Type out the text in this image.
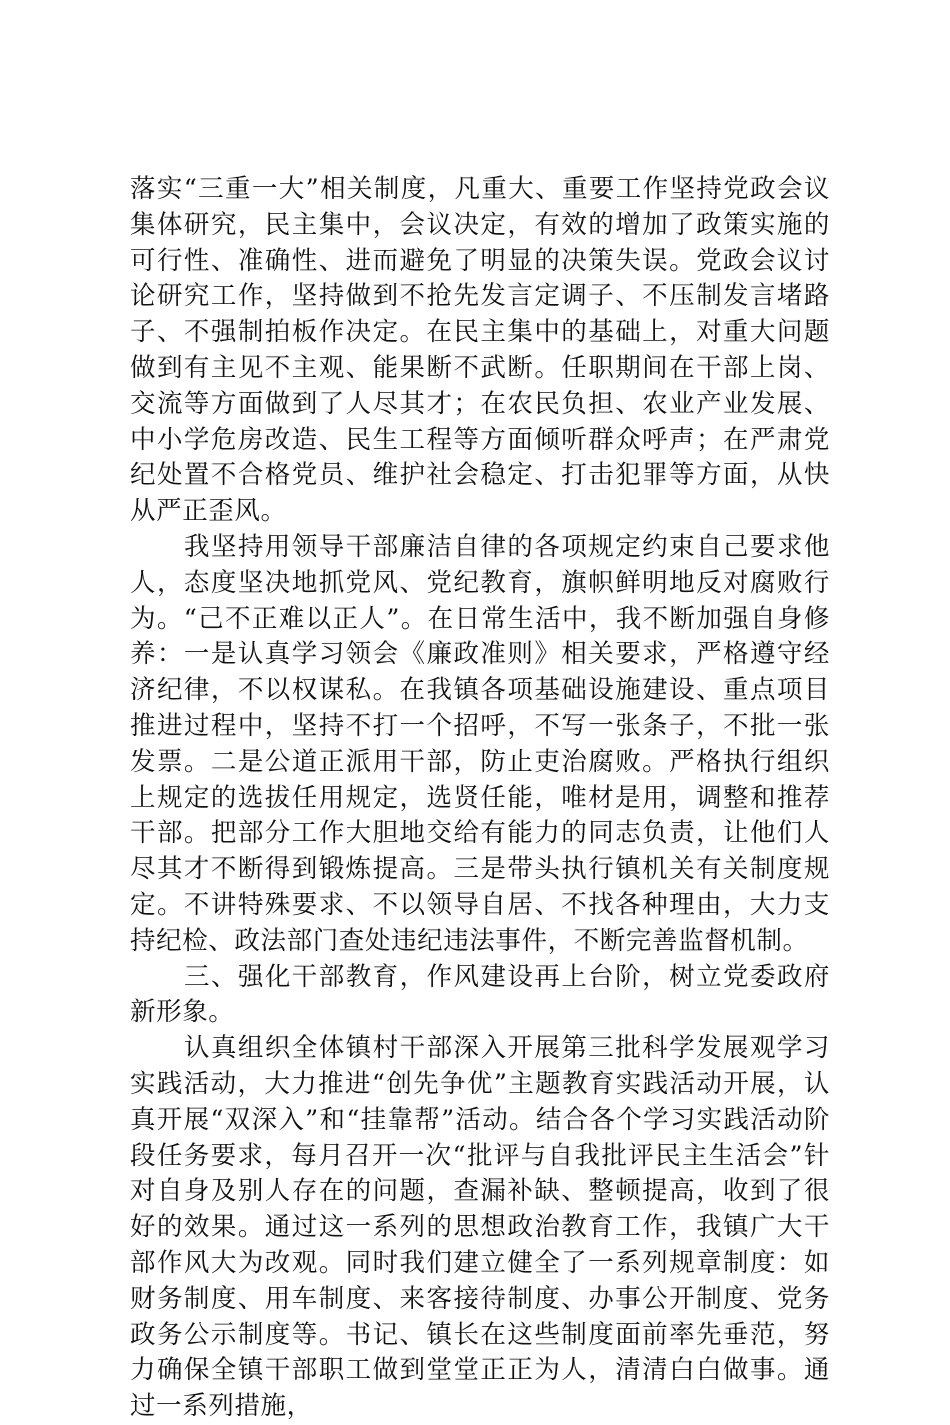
落实“三重一大”相关制度，凡重大、重要工作坚持党政会议集体研究，民主集中，会议决定，有效的增加了政策实施的可行性、准确性、进而避免了明显的决策失误。党政会议讨论研究工作，坚持做到不抢先发言定调子、不压制发言堵路子、不强制拍板作决定。在民主集中的基础上，对重大问题做到有主见不主观、能果断不武断。任职期间在干部上岗、交流等方面做到了人尽其才；在农民负担、农业产业发展、中小学危房改造、民生工程等方面倾听群众呼声；在严肃党纪处置不合格党员、维护社会稳定、打击犯罪等方面，从快从严正歪风。

我坚持用领导干部廉洁自律的各项规定约束自己要求他人，态度坚决地抓党风、党纪教育，旗帜鲜明地反对腐败行为。“己不正难以正人”。在日常生活中，我不断加强自身修养：一是认真学习领会《廉政准则》相关要求，严格遵守经济纪律，不以权谋私。在我镇各项基础设施建设、重点项目推进过程中，坚持不打一个招呼，不写一张条子，不批一张发票。二是公道正派用干部，防止吏治腐败。严格执行组织上规定的选拔任用规定，选贤任能，唯材是用，调整和推荐干部。把部分工作大胆地交给有能力的同志负责，让他们人尽其才不断得到锻炼提高。三是带头执行镇机关有关制度规定。不讲特殊要求、不以领导自居、不找各种理由，大力支持纪检、政法部门查处违纪违法事件，不断完善监督机制。

三、强化干部教育，作风建设再上台阶，树立党委政府新形象。

认真组织全体镇村干部深入开展第三批科学发展观学习实践活动，大力推进“创先争优”主题教育实践活动开展，认真开展“双深入”和“挂靠帮”活动。结合各个学习实践活动阶段任务要求，每月召开一次“批评与自我批评民主生活会”针对自身及别人存在的问题，查漏补缺、整顿提高，收到了很好的效果。通过这一系列的思想政治教育工作，我镇广大干部作风大为改观。同时我们建立健全了一系列规章制度：如财务制度、用车制度、来客接待制度、办事公开制度、党务政务公示制度等。书记、镇长在这些制度面前率先垂范，努力确保全镇干部职工做到堂堂正正为人，清清白白做事。通过一系列措施，
